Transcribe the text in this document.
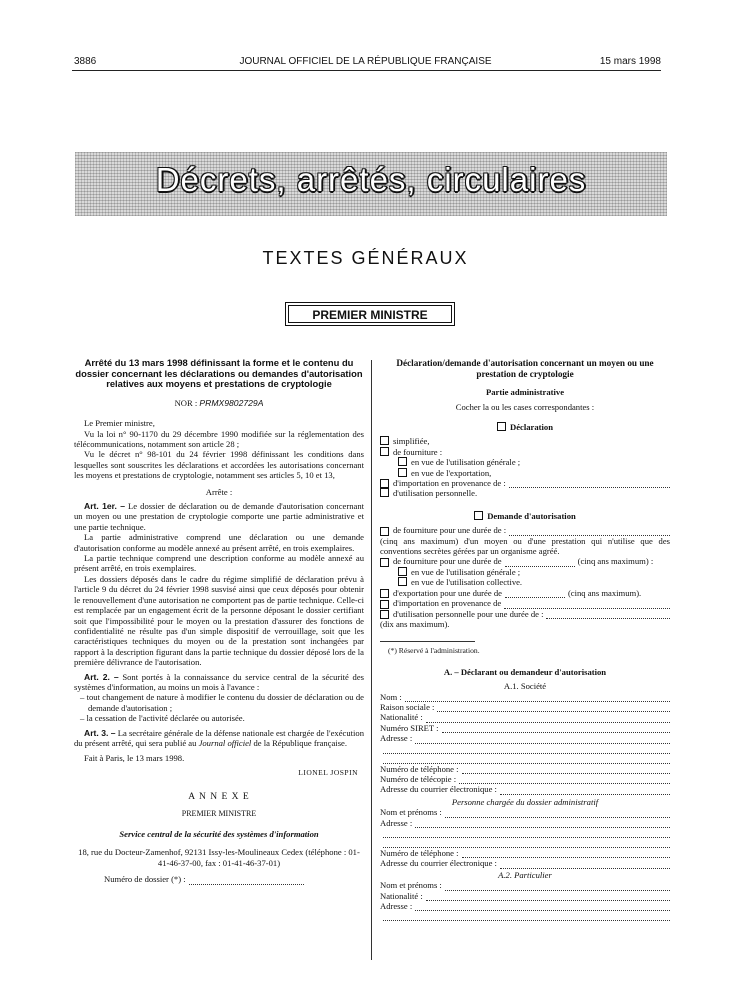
3886	JOURNAL OFFICIEL DE LA RÉPUBLIQUE FRANÇAISE	15 mars 1998
Décrets, arrêtés, circulaires
TEXTES GÉNÉRAUX
PREMIER MINISTRE

Arrêté du 13 mars 1998 définissant la forme et le contenu du dossier concernant les déclarations ou demandes d'autorisation relatives aux moyens et prestations de cryptologie

NOR : PRMX9802729A

Le Premier ministre,

Vu la loi n° 90-1170 du 29 décembre 1990 modifiée sur la réglementation des télécommunications, notamment son article 28 ;

Vu le décret n° 98-101 du 24 février 1998 définissant les conditions dans lesquelles sont souscrites les déclarations et accordées les autorisations concernant les moyens et prestations de cryptologie, notamment ses articles 5, 10 et 13,

Arrête :

Art. 1er. – Le dossier de déclaration ou de demande d'autorisation concernant un moyen ou une prestation de cryptologie comporte une partie administrative et une partie technique.

La partie administrative comprend une déclaration ou une demande d'autorisation conforme au modèle annexé au présent arrêté, en trois exemplaires.

La partie technique comprend une description conforme au modèle annexé au présent arrêté, en trois exemplaires.

Les dossiers déposés dans le cadre du régime simplifié de déclaration prévu à l'article 9 du décret du 24 février 1998 susvisé ainsi que ceux déposés pour obtenir le renouvellement d'une autorisation ne comportent pas de partie technique. Celle-ci est remplacée par un engagement écrit de la personne déposant le dossier certifiant soit que l'impossibilité pour le moyen ou la prestation d'assurer des fonctions de confidentialité ne résulte pas d'un simple dispositif de verrouillage, soit que les caractéristiques techniques du moyen ou de la prestation sont inchangées par rapport à la description figurant dans la partie technique du dossier déposé lors de la première délivrance de l'autorisation.

Art. 2. – Sont portés à la connaissance du service central de la sécurité des systèmes d'information, au moins un mois à l'avance :

– tout changement de nature à modifier le contenu du dossier de déclaration ou de demande d'autorisation ;

– la cessation de l'activité déclarée ou autorisée.

Art. 3. – La secrétaire générale de la défense nationale est chargée de l'exécution du présent arrêté, qui sera publié au Journal officiel de la République française.

Fait à Paris, le 13 mars 1998.

LIONEL JOSPIN

A N N E X E

PREMIER MINISTRE

Service central de la sécurité des systèmes d'information

18, rue du Docteur-Zamenhof, 92131 Issy-les-Moulineaux Cedex (téléphone : 01-41-46-37-00, fax : 01-41-46-37-01)

Numéro de dossier (*) :

Déclaration/demande d'autorisation concernant un moyen ou une prestation de cryptologie

Partie administrative

Cocher la ou les cases correspondantes :

Déclaration

simplifiée,

de fourniture :

en vue de l'utilisation générale ;

en vue de l'exportation,

d'importation en provenance de :

d'utilisation personnelle.

Demande d'autorisation

de fourniture pour une durée de :

(cinq ans maximum) d'un moyen ou d'une prestation qui n'utilise que des conventions secrètes gérées par un organisme agréé.

de fourniture pour une durée de	(cinq ans maximum) :

en vue de l'utilisation générale ;

en vue de l'utilisation collective.

d'exportation pour une durée de	(cinq ans maximum).
d'importation en provenance de
d'utilisation personnelle pour une durée de :

(dix ans maximum).

(*) Réservé à l'administration.

A. – Déclarant ou demandeur d'autorisation

A.1. Société

Nom :
Raison sociale :
Nationalité :
Numéro SIRET :
Adresse :
Numéro de téléphone :
Numéro de télécopie :
Adresse du courrier électronique :

Personne chargée du dossier administratif

Nom et prénoms :
Adresse :
Numéro de téléphone :
Adresse du courrier électronique :

A.2. Particulier

Nom et prénoms :
Nationalité :
Adresse :
